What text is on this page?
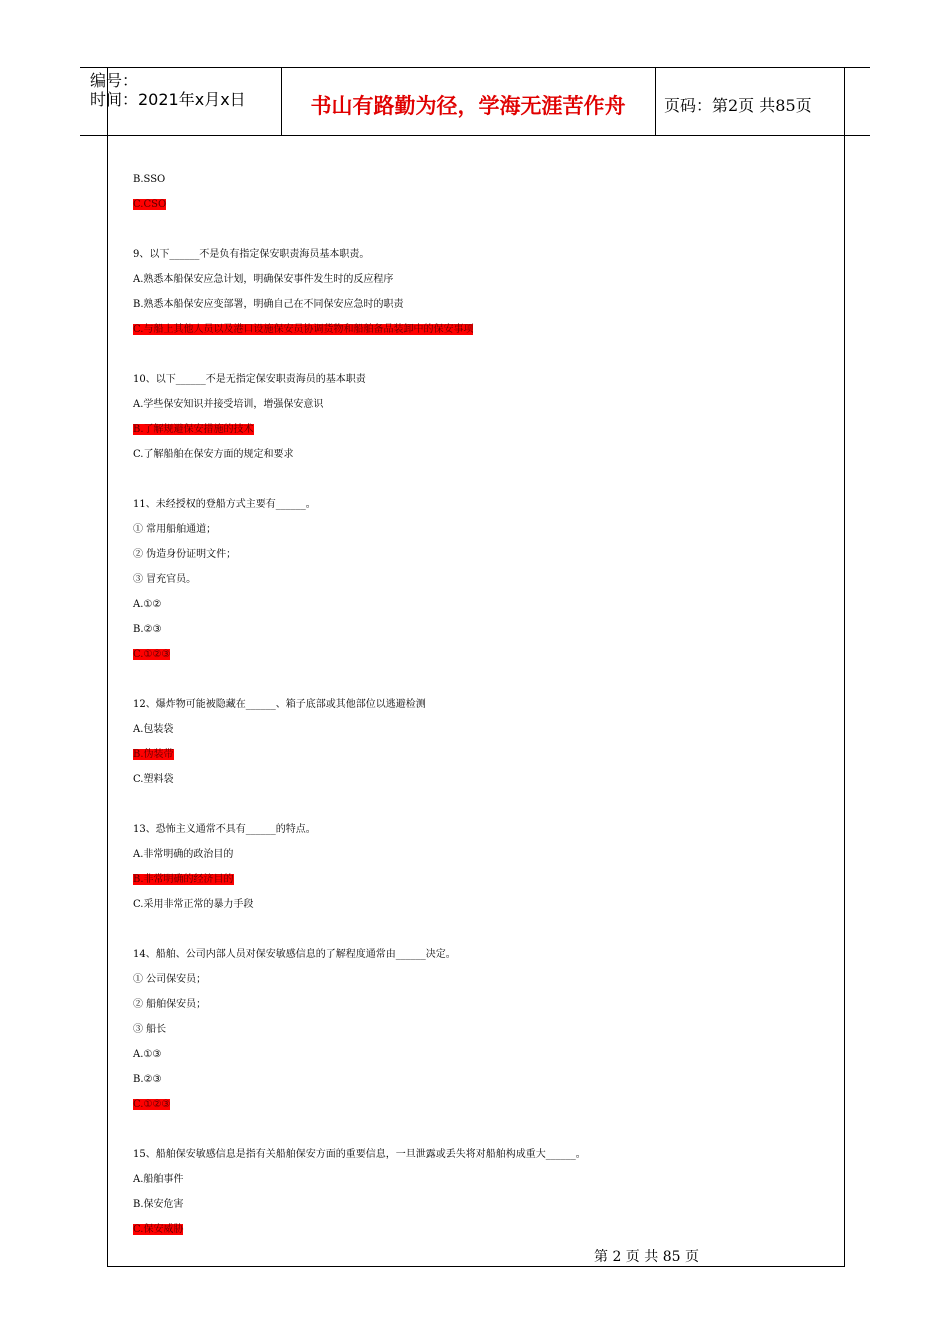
编号：
时间：2021年x月x日	书山有路勤为径，学海无涯苦作舟	页码：第2页 共85页
B.SSO
C.CSO
9、以下______不是负有指定保安职责海员基本职责。
A.熟悉本船保安应急计划，明确保安事件发生时的反应程序
B.熟悉本船保安应变部署，明确自己在不同保安应急时的职责
C.与船上其他人员以及港口设施保安员协调货物和船舶备品装卸中的保安事项
10、以下______不是无指定保安职责海员的基本职责
A.学些保安知识并接受培训，增强保安意识
B.了解规避保安措施的技术
C.了解船舶在保安方面的规定和要求
11、未经授权的登船方式主要有______。
① 常用船舶通道；
② 伪造身份证明文件；
③ 冒充官员。
A.①②
B.②③
C.①②③
12、爆炸物可能被隐藏在______、箱子底部或其他部位以逃避检测
A.包装袋
B.伪装带
C.塑料袋
13、恐怖主义通常不具有______的特点。
A.非常明确的政治目的
B.非常明确的经济目的
C.采用非常正常的暴力手段
14、船舶、公司内部人员对保安敏感信息的了解程度通常由______决定。
① 公司保安员；
② 船舶保安员；
③ 船长
A.①③
B.②③
C.①②③
15、船舶保安敏感信息是指有关船舶保安方面的重要信息，一旦泄露或丢失将对船舶构成重大______。
A.船舶事件
B.保安危害
C.保安威胁
第 2 页 共 85 页
